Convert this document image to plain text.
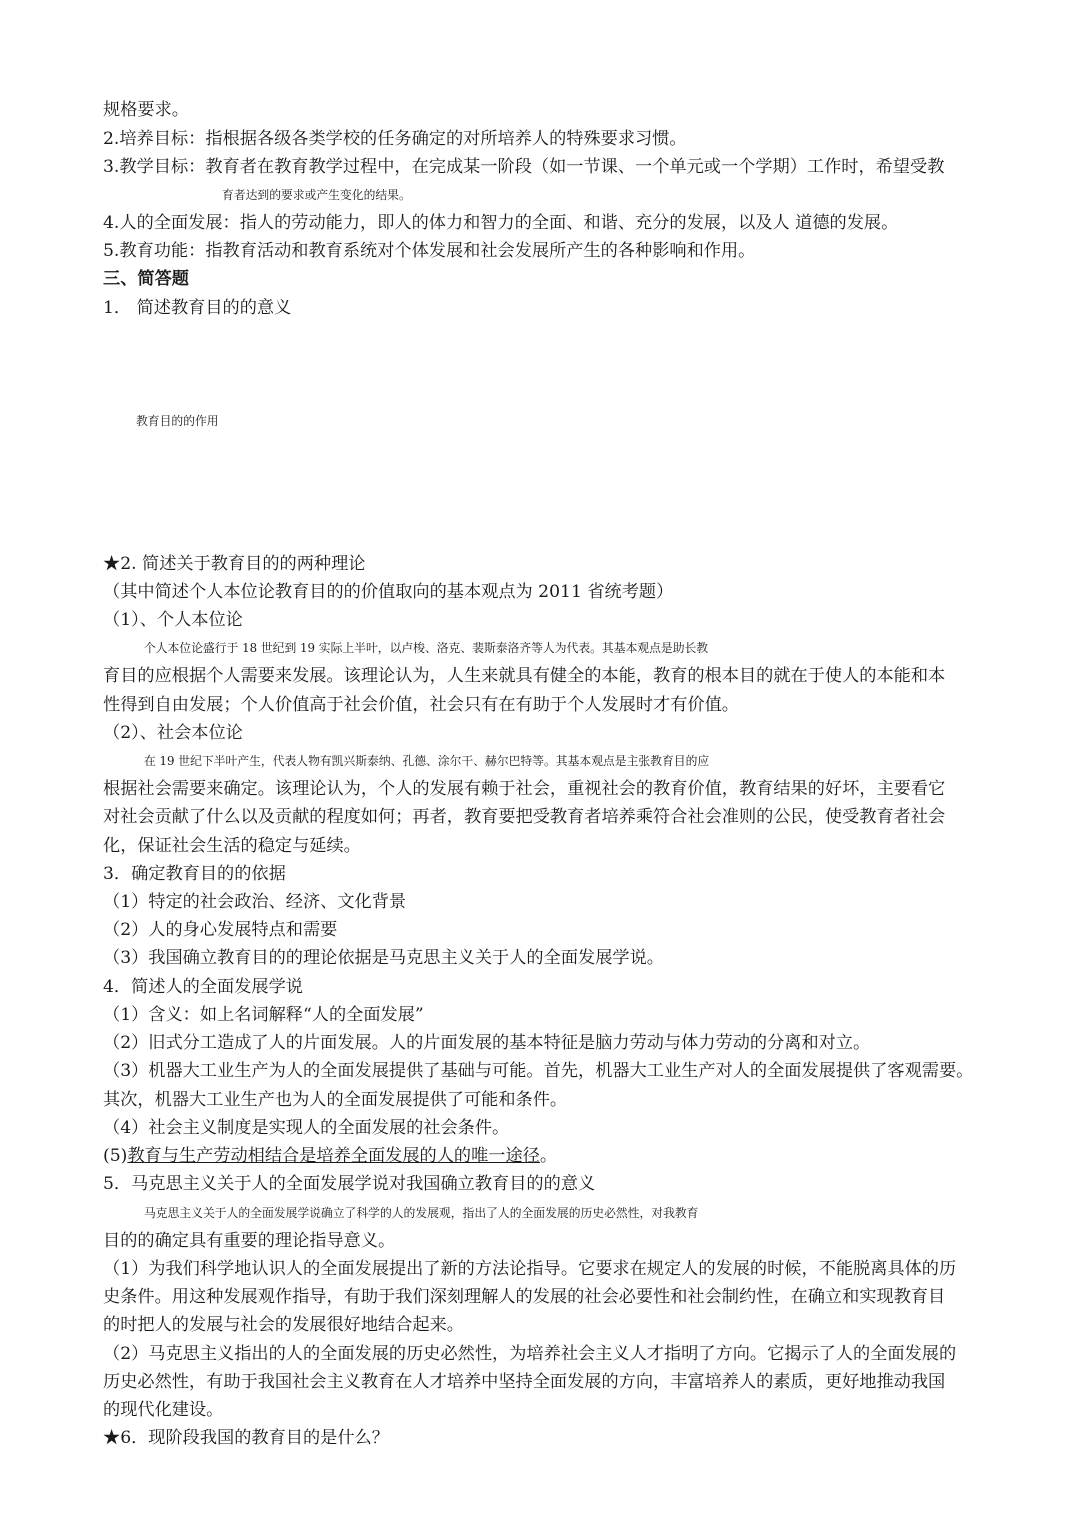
规格要求。
2.培养目标：指根据各级各类学校的任务确定的对所培养人的特殊要求习惯。
3.教学目标：教育者在教育教学过程中，在完成某一阶段（如一节课、一个单元或一个学期）工作时，希望受教
育者达到的要求或产生变化的结果。
4.人的全面发展：指人的劳动能力，即人的体力和智力的全面、和谐、充分的发展，以及人 道德的发展。
5.教育功能：指教育活动和教育系统对个体发展和社会发展所产生的各种影响和作用。
三、简答题
1． 简述教育目的的意义
教育目的的作用
★2. 简述关于教育目的的两种理论
（其中简述个人本位论教育目的的价值取向的基本观点为 2011 省统考题）
（1）、个人本位论
个人本位论盛行于 18 世纪到 19 实际上半叶，以卢梭、洛克、裴斯泰洛齐等人为代表。其基本观点是助长教
育目的应根据个人需要来发展。该理论认为，人生来就具有健全的本能，教育的根本目的就在于使人的本能和本
性得到自由发展；个人价值高于社会价值，社会只有在有助于个人发展时才有价值。
（2）、社会本位论
在 19 世纪下半叶产生，代表人物有凯兴斯泰纳、孔德、涂尔干、赫尔巴特等。其基本观点是主张教育目的应
根据社会需要来确定。该理论认为，个人的发展有赖于社会，重视社会的教育价值，教育结果的好坏，主要看它
对社会贡献了什么以及贡献的程度如何；再者，教育要把受教育者培养乘符合社会准则的公民，使受教育者社会
化，保证社会生活的稳定与延续。
3．确定教育目的的依据
（1）特定的社会政治、经济、文化背景
（2）人的身心发展特点和需要
（3）我国确立教育目的的理论依据是马克思主义关于人的全面发展学说。
4．简述人的全面发展学说
（1）含义：如上名词解释“人的全面发展”
（2）旧式分工造成了人的片面发展。人的片面发展的基本特征是脑力劳动与体力劳动的分离和对立。
（3）机器大工业生产为人的全面发展提供了基础与可能。首先，机器大工业生产对人的全面发展提供了客观需要。
其次，机器大工业生产也为人的全面发展提供了可能和条件。
（4）社会主义制度是实现人的全面发展的社会条件。
(5)教育与生产劳动相结合是培养全面发展的人的唯一途径。
5．马克思主义关于人的全面发展学说对我国确立教育目的的意义
马克思主义关于人的全面发展学说确立了科学的人的发展观，指出了人的全面发展的历史必然性，对我教育
目的的确定具有重要的理论指导意义。
（1）为我们科学地认识人的全面发展提出了新的方法论指导。它要求在规定人的发展的时候，不能脱离具体的历
史条件。用这种发展观作指导，有助于我们深刻理解人的发展的社会必要性和社会制约性，在确立和实现教育目
的时把人的发展与社会的发展很好地结合起来。
（2）马克思主义指出的人的全面发展的历史必然性，为培养社会主义人才指明了方向。它揭示了人的全面发展的
历史必然性，有助于我国社会主义教育在人才培养中坚持全面发展的方向，丰富培养人的素质，更好地推动我国
的现代化建设。
★6．现阶段我国的教育目的是什么？
